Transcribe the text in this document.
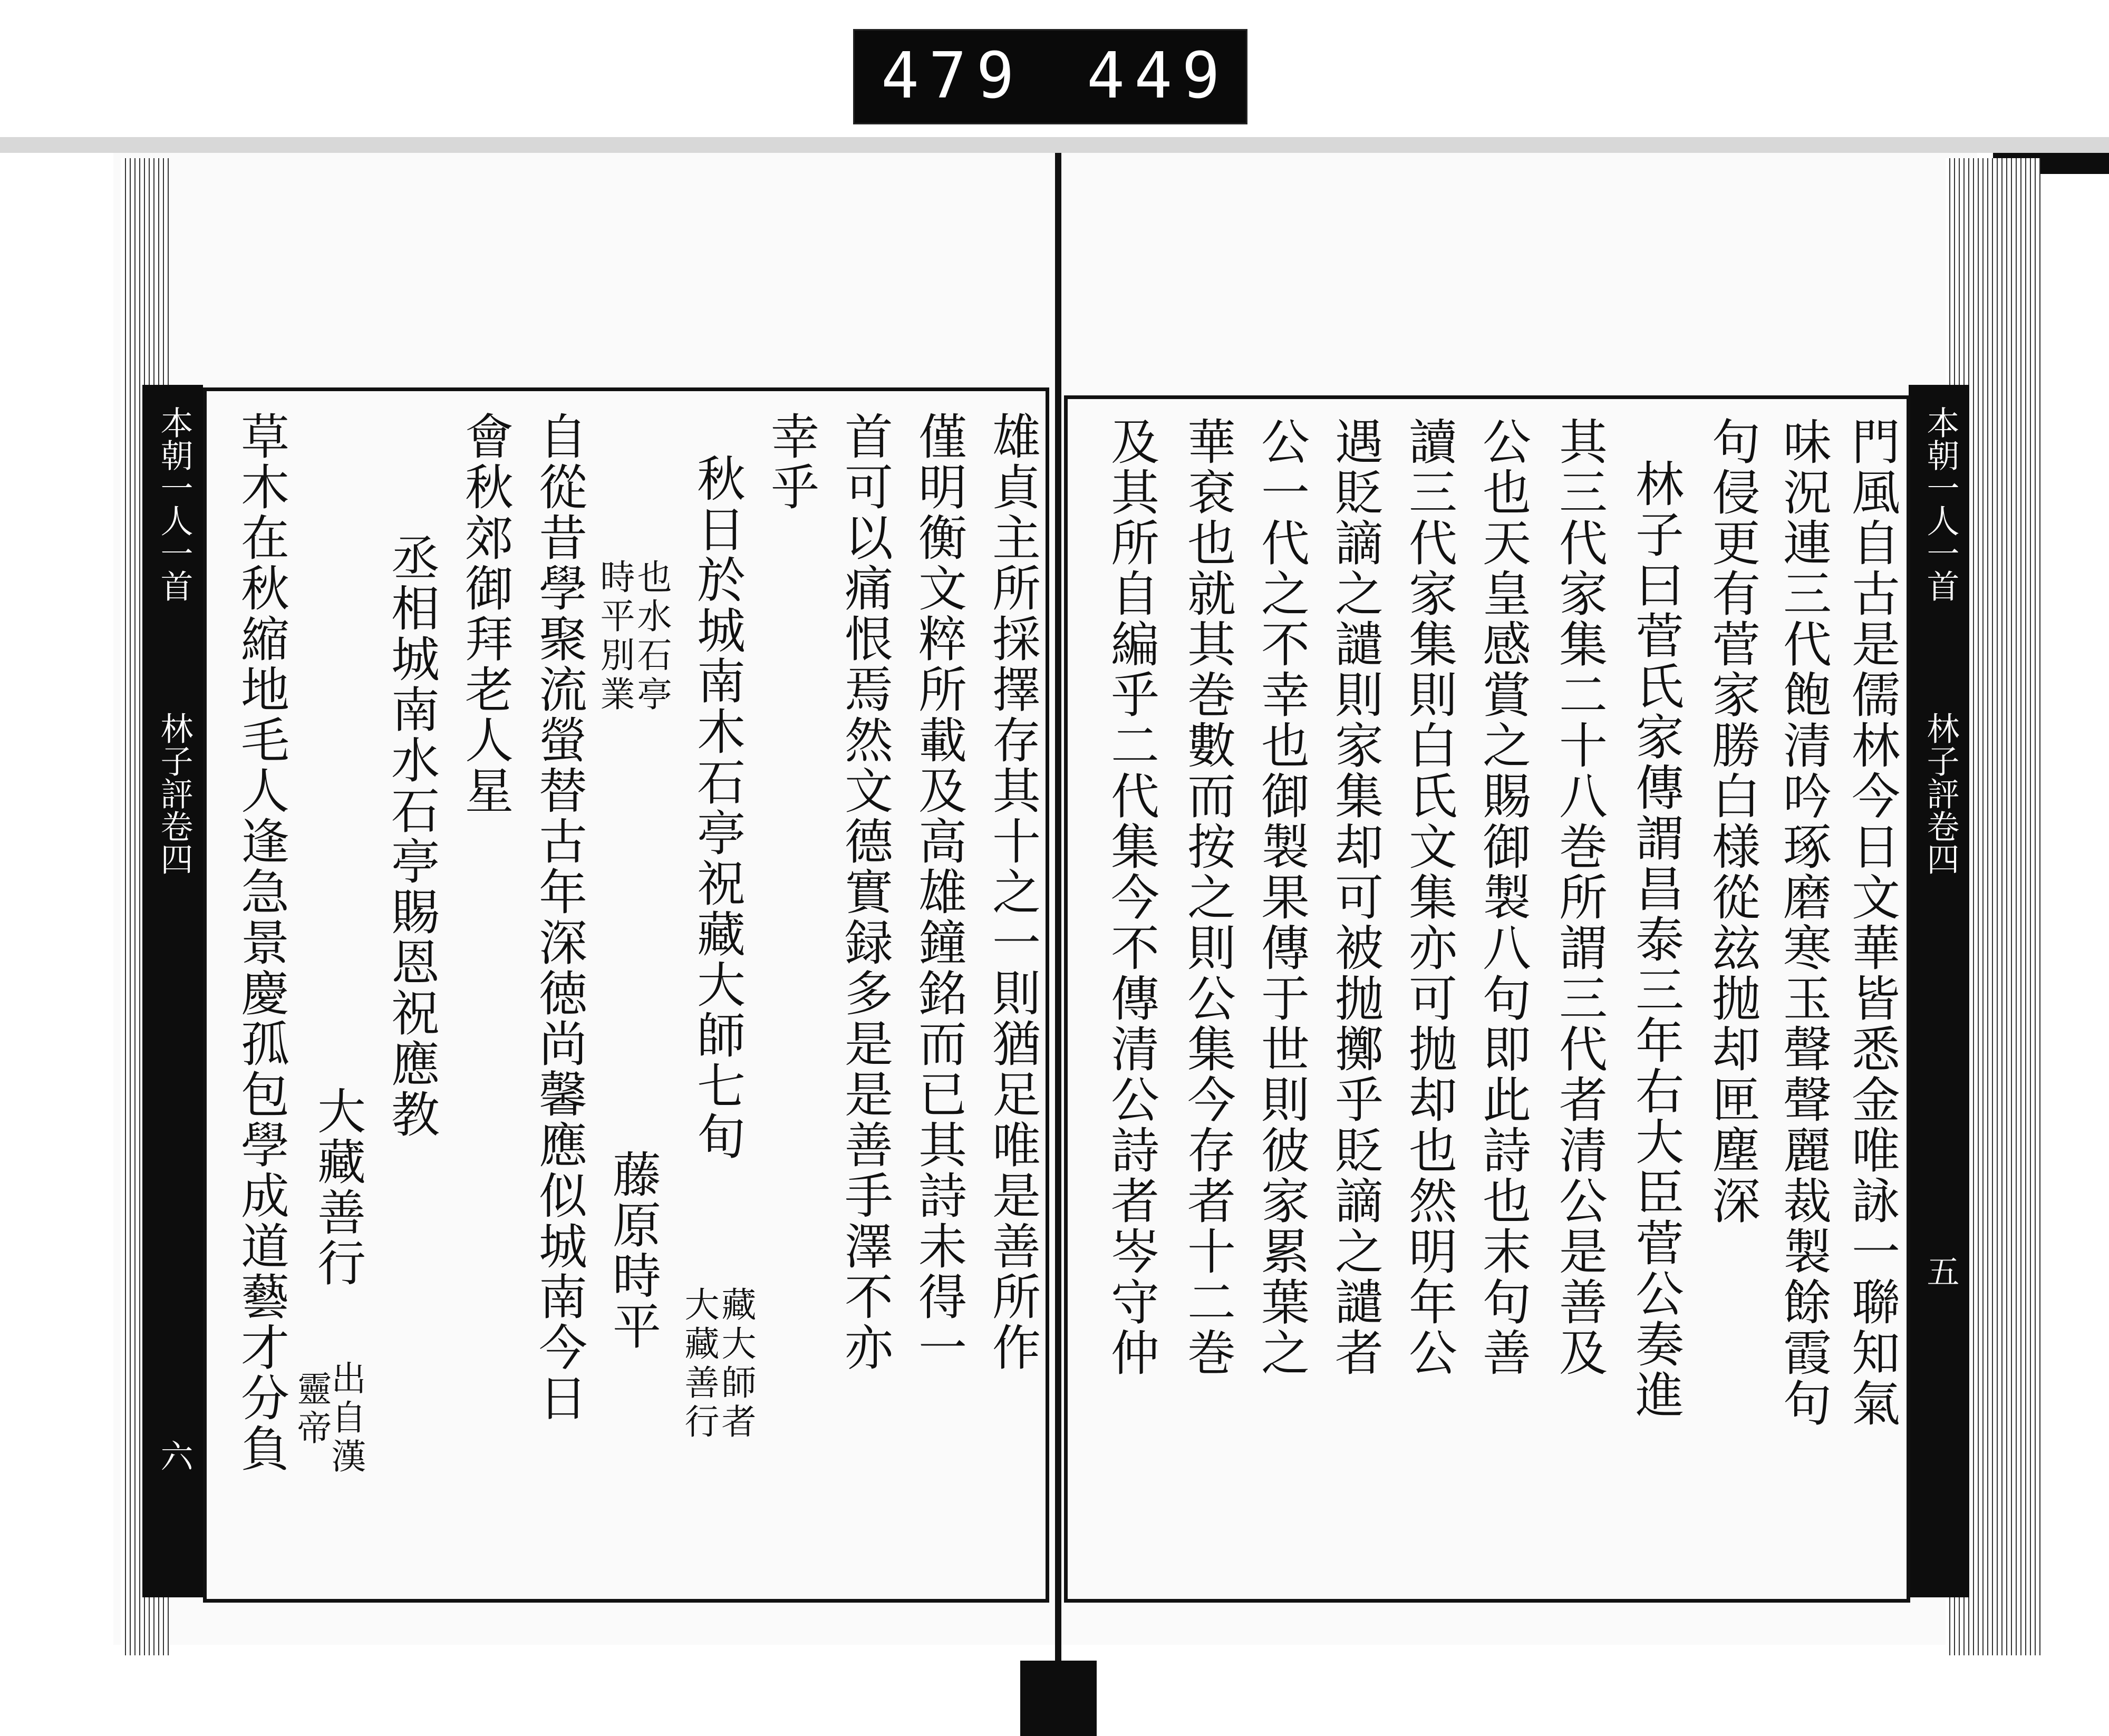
479 449
本朝一人一首
林子評卷四
六
本朝一人一首
林子評卷四
五
門風自古是儒林今日文華皆悉金唯詠一聯知氣
味況連三代飽清吟琢磨寒玉聲聲麗裁製餘霞句
句侵更有菅家勝白様從玆抛却匣塵深
林子曰菅氏家傳謂昌泰三年右大臣菅公奏進
其三代家集二十八巻所謂三代者清公是善及
公也天皇感賞之賜御製八句即此詩也末句善
讀三代家集則白氏文集亦可抛却也然明年公
遇貶謫之譴則家集却可被抛擲乎貶謫之譴者
公一代之不幸也御製果傳于世則彼家累葉之
華袞也就其巻數而按之則公集今存者十二巻
及其所自編乎二代集今不傳清公詩者岑守仲
雄貞主所採擇存其十之一則猶足唯是善所作
僅明衡文粹所載及高雄鐘銘而已其詩未得一
首可以痛恨焉然文德實録多是是善手澤不亦
幸乎
秋日於城南木石亭祝藏大師七旬
藏大師者
大藏善行
也水石亭
時平別業
藤原時平
自從昔學聚流螢替古年深徳尚馨應似城南今日
會秋郊御拜老人星
丞相城南水石亭賜恩祝應教
大藏善行
出自漢
靈帝
草木在秋縮地毛人逢急景慶孤包學成道藝才分負
